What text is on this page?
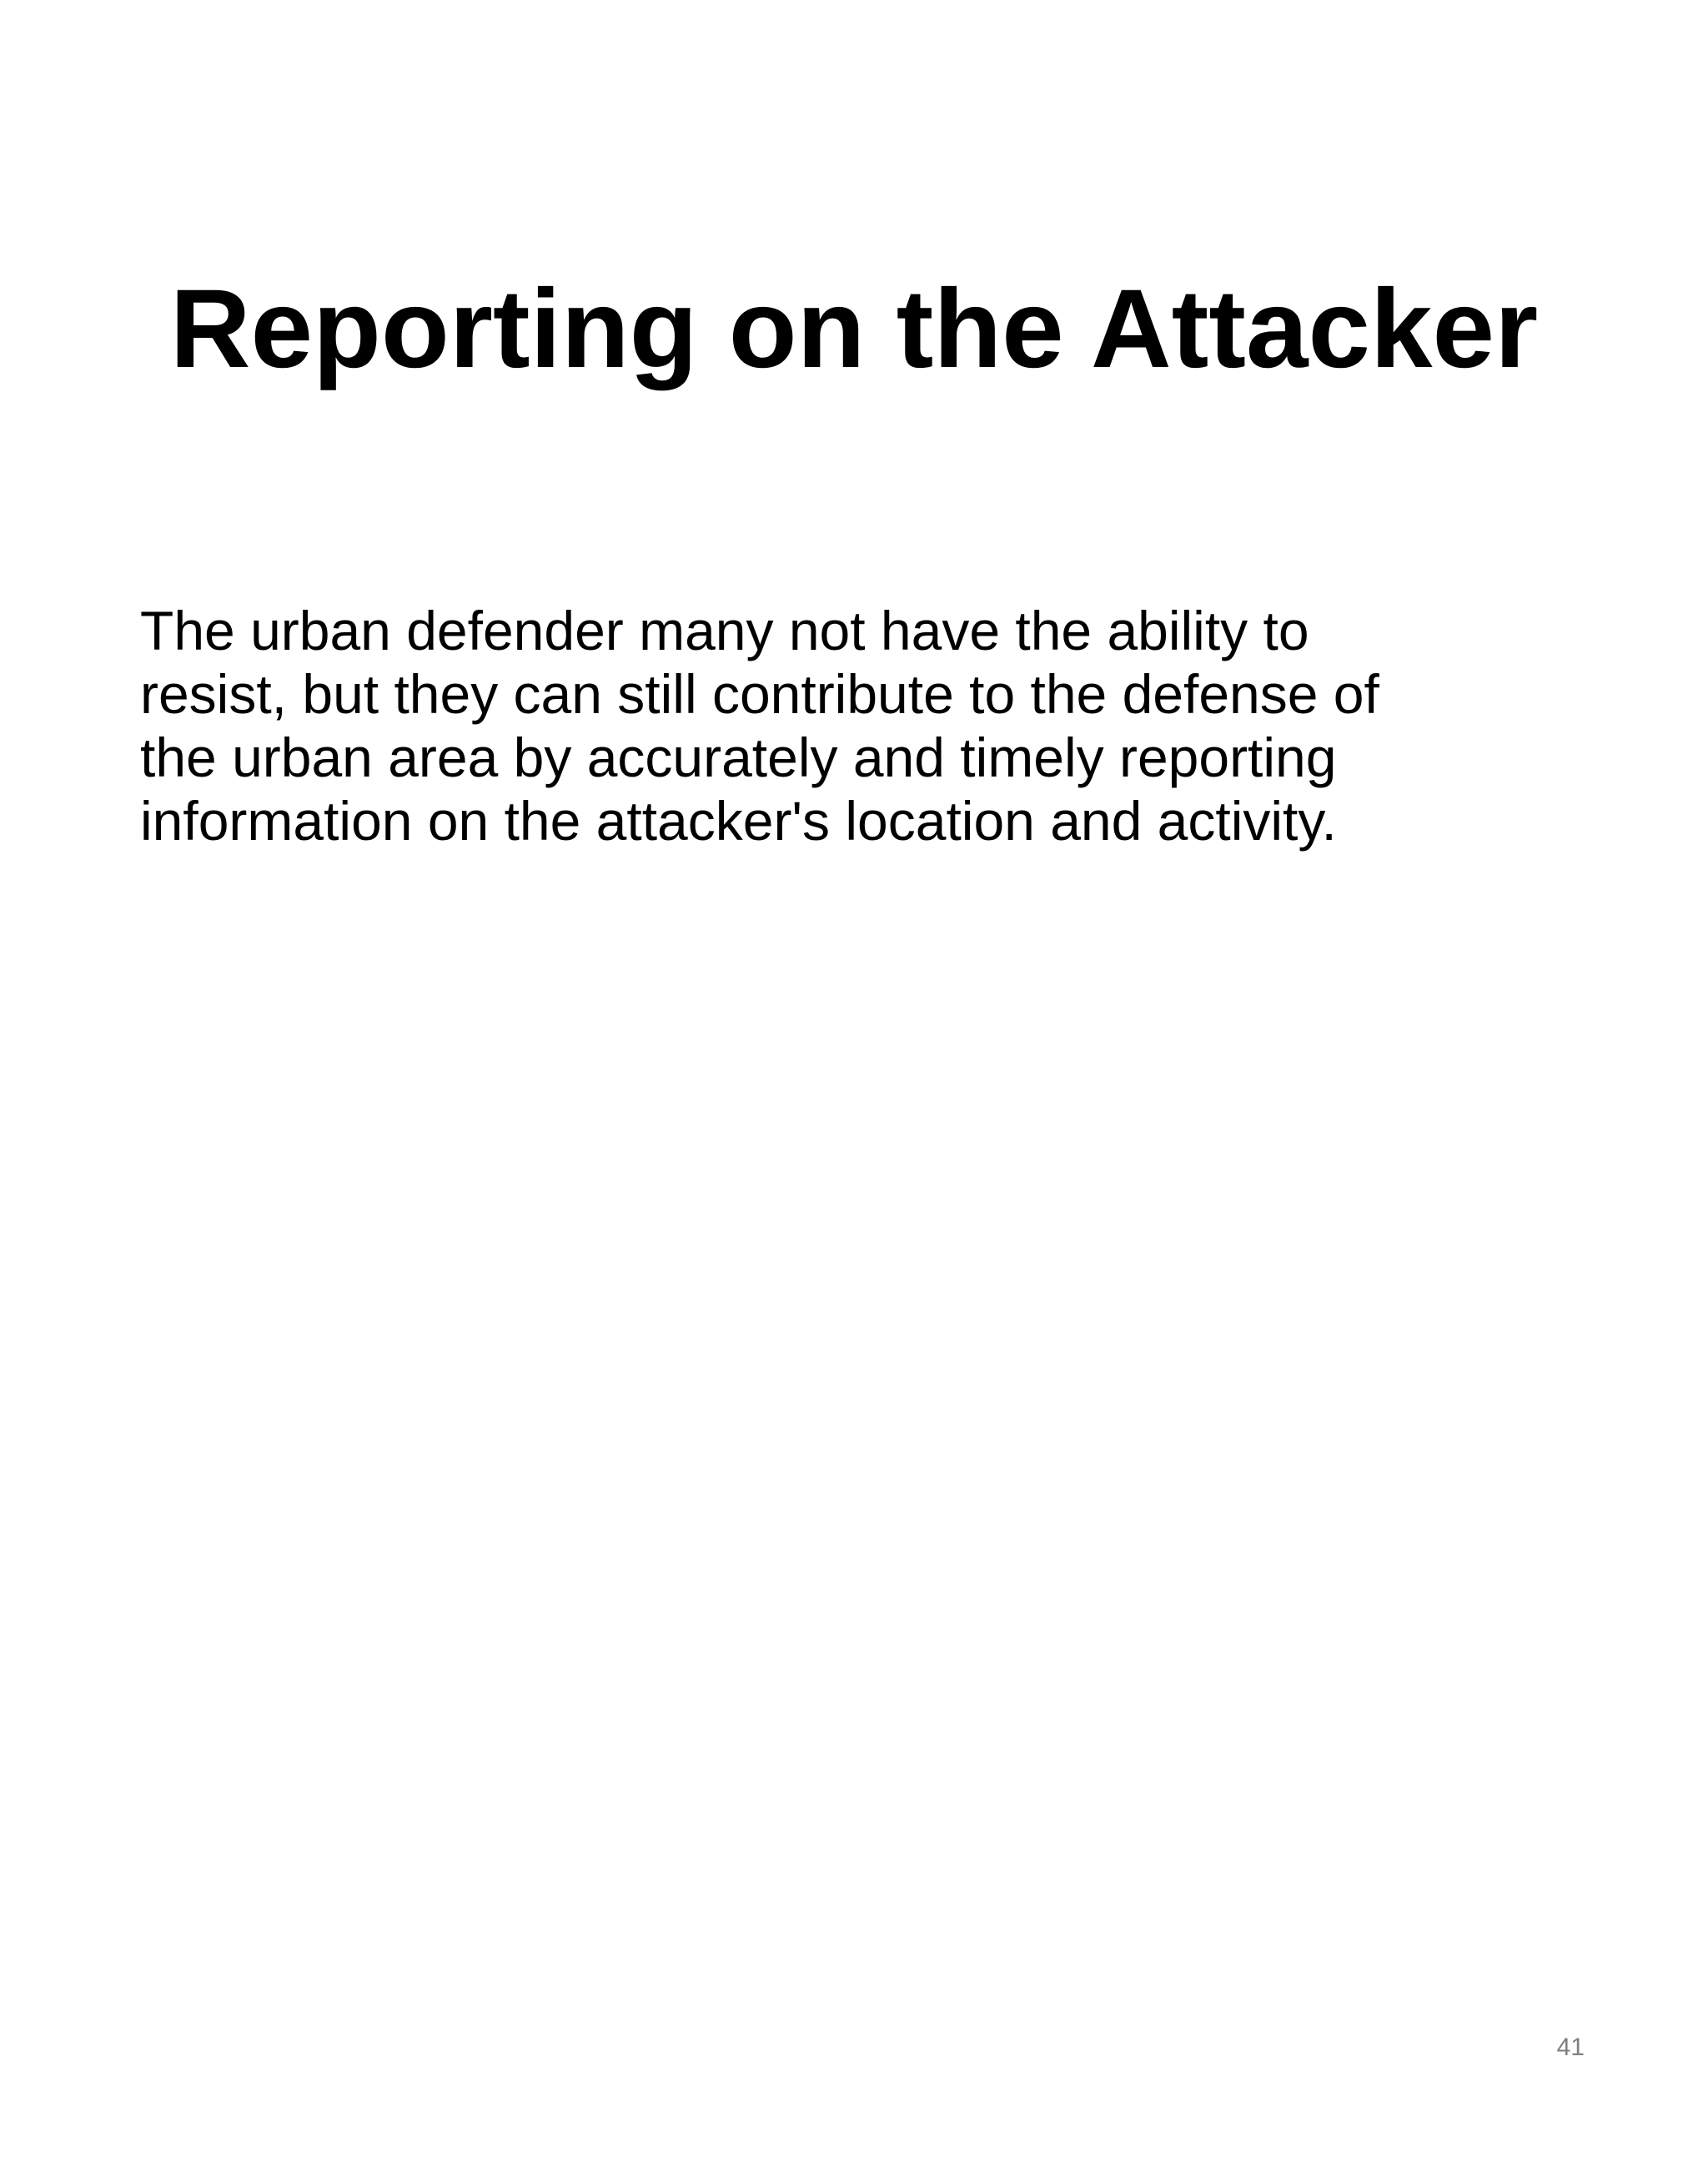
Reporting on the Attacker

The urban defender many not have the ability to
resist, but they can still contribute to the defense of
the urban area by accurately and timely reporting
information on the attacker's location and activity.

41
